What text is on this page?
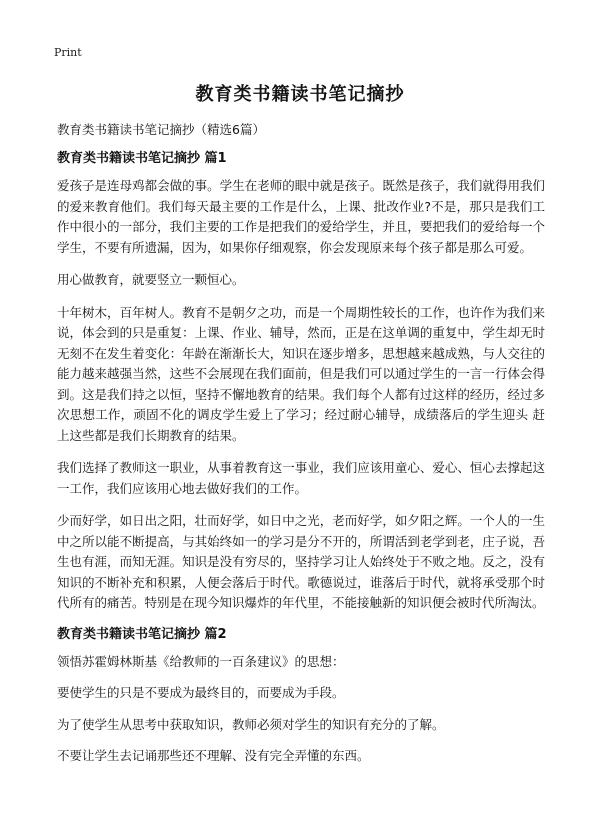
Print
教育类书籍读书笔记摘抄

教育类书籍读书笔记摘抄（精选6篇）

教育类书籍读书笔记摘抄 篇1

爱孩子是连母鸡都会做的事。学生在老师的眼中就是孩子。既然是孩子，我们就得用我们的爱来教育他们。我们每天最主要的工作是什么，上课、批改作业?不是，那只是我们工作中很小的一部分，我们主要的工作是把我们的爱给学生，并且，要把我们的爱给每一个学生，不要有所遗漏，因为，如果你仔细观察，你会发现原来每个孩子都是那么可爱。

用心做教育，就要竖立一颗恒心。

十年树木，百年树人。教育不是朝夕之功，而是一个周期性较长的工作，也许作为我们来说，体会到的只是重复：上课、作业、辅导，然而，正是在这单调的重复中，学生却无时无刻不在发生着变化：年龄在渐渐长大，知识在逐步增多，思想越来越成熟，与人交往的能力越来越强当然，这些不会展现在我们面前，但是我们可以通过学生的一言一行体会得到。这是我们持之以恒，坚持不懈地教育的结果。我们每个人都有过这样的经历，经过多次思想工作，顽固不化的调皮学生爱上了学习；经过耐心辅导，成绩落后的学生迎头 赶上这些都是我们长期教育的结果。

我们选择了教师这一职业，从事着教育这一事业，我们应该用童心、爱心、恒心去撑起这一工作，我们应该用心地去做好我们的工作。

少而好学，如日出之阳，壮而好学，如日中之光，老而好学，如夕阳之辉。一个人的一生中之所以能不断提高，与其始终如一的学习是分不开的，所谓活到老学到老，庄子说，吾生也有涯，而知无涯。知识是没有穷尽的，坚持学习让人始终处于不败之地。反之，没有知识的不断补充和积累，人便会落后于时代。歌德说过，谁落后于时代，就将承受那个时代所有的痛苦。特别是在现今知识爆炸的年代里，不能接触新的知识便会被时代所淘汰。

教育类书籍读书笔记摘抄 篇2

领悟苏霍姆林斯基《给教师的一百条建议》的思想：

要使学生的只是不要成为最终目的，而要成为手段。

为了使学生从思考中获取知识，教师必须对学生的知识有充分的了解。

不要让学生去记诵那些还不理解、没有完全弄懂的东西。
